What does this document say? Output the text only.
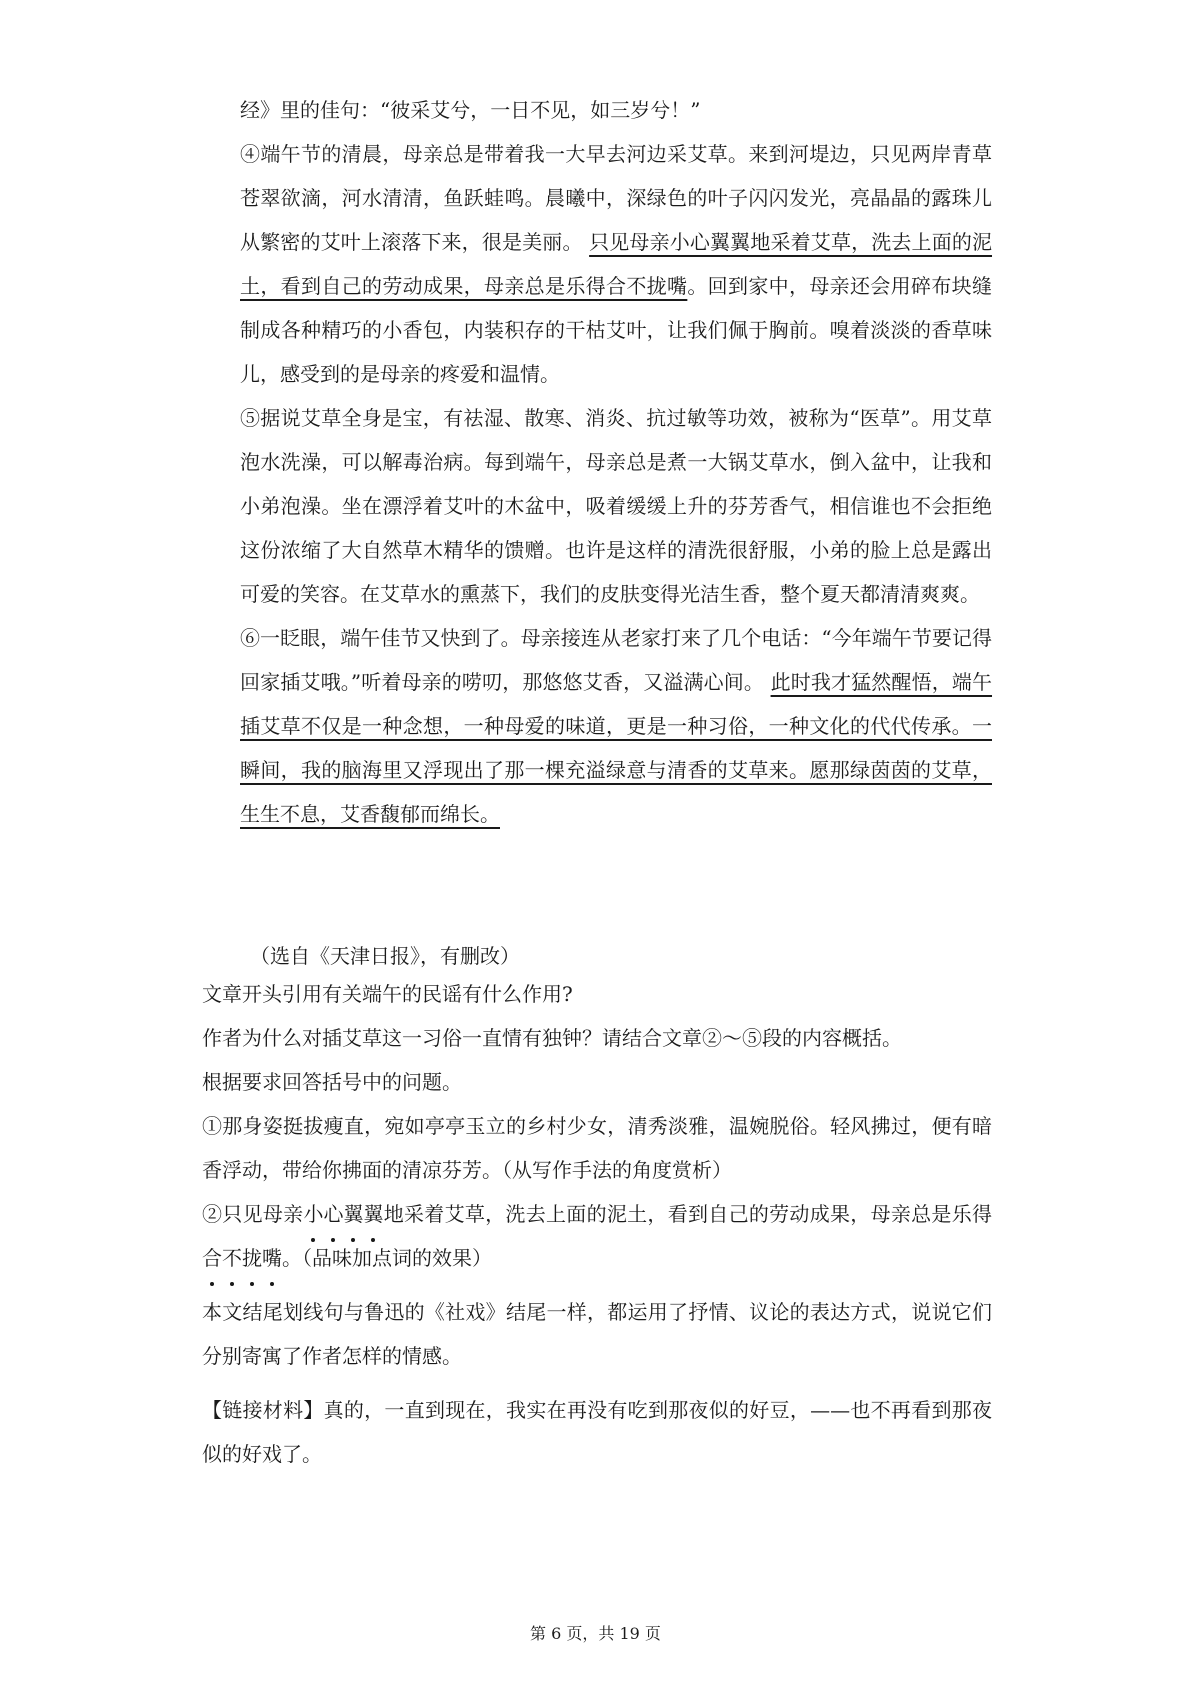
经》里的佳句：“彼采艾兮，一日不见，如三岁兮！”

④端午节的清晨，母亲总是带着我一大早去河边采艾草。来到河堤边，只见两岸青草苍翠欲滴，河水清清，鱼跃蛙鸣。晨曦中，深绿色的叶子闪闪发光，亮晶晶的露珠儿从繁密的艾叶上滚落下来，很是美丽。 只见母亲小心翼翼地采着艾草，洗去上面的泥土，看到自己的劳动成果，母亲总是乐得合不拢嘴。回到家中，母亲还会用碎布块缝制成各种精巧的小香包，内装积存的干枯艾叶，让我们佩于胸前。嗅着淡淡的香草味儿，感受到的是母亲的疼爱和温情。

⑤据说艾草全身是宝，有祛湿、散寒、消炎、抗过敏等功效，被称为“医草”。用艾草泡水洗澡，可以解毒治病。每到端午，母亲总是煮一大锅艾草水，倒入盆中，让我和小弟泡澡。坐在漂浮着艾叶的木盆中，吸着缓缓上升的芬芳香气，相信谁也不会拒绝这份浓缩了大自然草木精华的馈赠。也许是这样的清洗很舒服，小弟的脸上总是露出可爱的笑容。在艾草水的熏蒸下，我们的皮肤变得光洁生香，整个夏天都清清爽爽。

⑥一眨眼，端午佳节又快到了。母亲接连从老家打来了几个电话：“今年端午节要记得回家插艾哦。”听着母亲的唠叨，那悠悠艾香，又溢满心间。 此时我才猛然醒悟，端午插艾草不仅是一种念想，一种母爱的味道，更是一种习俗，一种文化的代代传承。一瞬间，我的脑海里又浮现出了那一棵充溢绿意与清香的艾草来。愿那绿茵茵的艾草，生生不息，艾香馥郁而绵长。

（选自《天津日报》，有删改）

文章开头引用有关端午的民谣有什么作用?

作者为什么对插艾草这一习俗一直情有独钟？请结合文章②～⑤段的内容概括。

根据要求回答括号中的问题。

①那身姿挺拔瘦直，宛如亭亭玉立的乡村少女，清秀淡雅，温婉脱俗。轻风拂过，便有暗香浮动，带给你拂面的清凉芬芳。（从写作手法的角度赏析）

②只见母亲小心翼翼地采着艾草，洗去上面的泥土，看到自己的劳动成果，母亲总是乐得合不拢嘴。（品味加点词的效果）

本文结尾划线句与鲁迅的《社戏》结尾一样，都运用了抒情、议论的表达方式，说说它们分别寄寓了作者怎样的情感。

【链接材料】真的，一直到现在，我实在再没有吃到那夜似的好豆，——也不再看到那夜似的好戏了。

第 6 页，共 19 页
